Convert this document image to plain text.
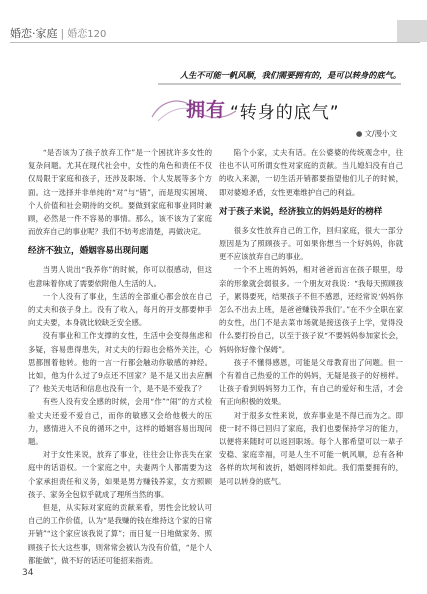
婚恋·家庭 | 婚恋120
人生不可能一帆风顺，我们需要拥有的，是可以转身的底气。
拥有 “转身的底气”
● 文/漫小文

“是否该为了孩子放弃工作”是一个困扰许多女性的复杂问题。尤其在现代社会中，女性的角色和责任不仅仅局限于家庭和孩子，还涉及职场、个人发展等多个方面。这一选择并非单纯的“对”与“错”，而是现实困境、个人价值和社会期待的交织。要做到家庭和事业同时兼顾，必然是一件不容易的事情。那么，该不该为了家庭而放弃自己的事业呢？我们不妨考虑清楚，再做决定。

经济不独立，婚姻容易出现问题

当男人说出“我养你”的时候，你可以很感动，但这也意味着你成了需要依附他人生活的人。

一个人没有了事业，生活的全部重心都会放在自己的丈夫和孩子身上。没有了收入，每月的开支都要伸手向丈夫要，本身就比较缺乏安全感。

没有事业和工作支撑的女性，生活中会变得焦虑和多疑，容易患得患失，对丈夫的行踪也会格外关注，心思都围着他转。他的一言一行都会触动你敏感的神经。比如，他为什么过了9点还不回家？是不是又出去应酬了？他关天电话和信息也没有一个，是不是不爱我了？

有些人没有安全感的时候，会用“作”“闹”的方式检验丈夫还爱不爱自己，而你的敏感又会给他极大的压力，感情进入不良的循环之中，这样的婚姻容易出现问题。

对于女性来说，放弃了事业，往往会让你丧失在家庭中的话语权。一个家庭之中，夫妻两个人都需要为这个家承担责任和义务，如果是男方赚钱养家，女方照顾孩子、家务全包似乎就成了理所当然的事。

但是，从实际对家庭的贡献来看，男性会比较认可自己的工作价值，认为“是我赚的钱在维持这个家的日常开销”“这个家应该我说了算”；而日复一日地做家务、照顾孩子长大这些事，则常常会被认为没有价值，“是个人都能做”，做不好的话还可能招来指责。

陷个小家，丈夫有话。在公婆婆的传统观念中，往往也不认可所谓女性对家庭的贡献。当儿媳妇没有自己的收入来源，一切生活开销都要指望他们儿子的时候，即对婆媳矛盾，女性更难维护自己的利益。

对于孩子来说，经济独立的妈妈是好的榜样

很多女性放弃自己的工作，回归家庭，很大一部分原因是为了照顾孩子。可如果你想当一个好妈妈，你就更不应该放弃自己的事业。

一个不上班的妈妈，相对爸爸而言在孩子眼里，母亲的形象就会弱很多。一个朋友对我说：“我每天照顾孩子，累得要死，结果孩子不但不感恩，还经常说‘妈妈你怎么不出去上班，是爸爸赚钱养我们’。”在不少全职在家的女性，出门不是去菜市场就是接送孩子上学，觉得没什么要打扮自己，以至于孩子说“不要妈妈参加家长会，妈妈你好像个保姆”。

孩子不懂得感恩，可能是父母教育出了问题。但一个有着自己热爱的工作的妈妈，无疑是孩子的好榜样。让孩子看到妈妈努力工作，有自己的爱好和生活，才会有正向积极的效果。

对于很多女性来说，放弃事业是不得已而为之。即使一时不得已回归了家庭，我们也要保持学习的能力，以便将来随时可以返回职场。每个人都希望可以一辈子安稳、家庭幸福，可是人生不可能一帆风顺，总有各种各样的坎坷和波折，婚姻同样如此。我们需要拥有的，是可以转身的底气。

34
